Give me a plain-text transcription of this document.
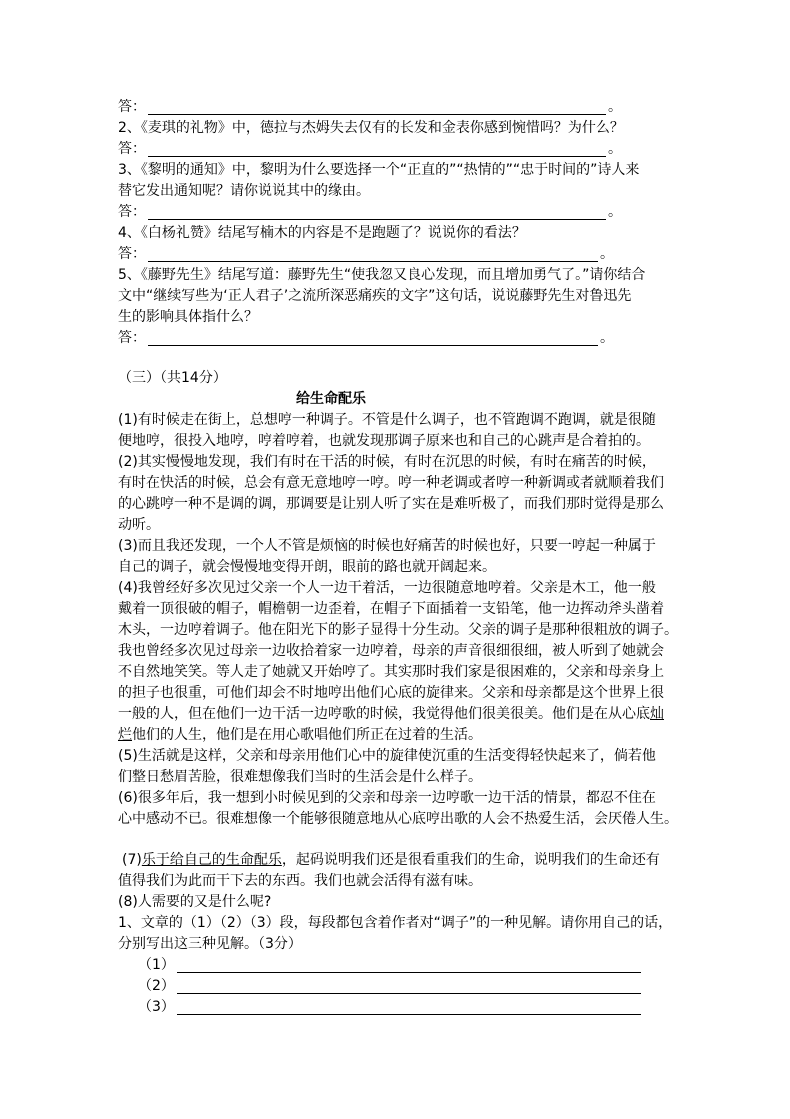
答：	。
2、《麦琪的礼物》中，德拉与杰姆失去仅有的长发和金表你感到惋惜吗？为什么？
答：	。
3、《黎明的通知》中，黎明为什么要选择一个“正直的”“热情的”“忠于时间的”诗人来
替它发出通知呢？请你说说其中的缘由。
答：	。
4、《白杨礼赞》结尾写楠木的内容是不是跑题了？说说你的看法？
答：	。
5、《藤野先生》结尾写道：藤野先生“使我忽又良心发现，而且增加勇气了。”请你结合
文中“继续写些为‘正人君子’之流所深恶痛疾的文字”这句话，说说藤野先生对鲁迅先
生的影响具体指什么？
答：	。
（三）（共14分）
给生命配乐
(1)有时候走在街上，总想哼一种调子。不管是什么调子，也不管跑调不跑调，就是很随
便地哼，很投入地哼，哼着哼着，也就发现那调子原来也和自己的心跳声是合着拍的。
(2)其实慢慢地发现，我们有时在干活的时候，有时在沉思的时候，有时在痛苦的时候，
有时在快活的时候，总会有意无意地哼一哼。哼一种老调或者哼一种新调或者就顺着我们
的心跳哼一种不是调的调，那调要是让别人听了实在是难听极了，而我们那时觉得是那么
动听。
(3)而且我还发现，一个人不管是烦恼的时候也好痛苦的时候也好，只要一哼起一种属于
自己的调子，就会慢慢地变得开朗，眼前的路也就开阔起来。
(4)我曾经好多次见过父亲一个人一边干着活，一边很随意地哼着。父亲是木工，他一般
戴着一顶很破的帽子，帽檐朝一边歪着，在帽子下面插着一支铅笔，他一边挥动斧头凿着
木头，一边哼着调子。他在阳光下的影子显得十分生动。父亲的调子是那种很粗放的调子。
我也曾经多次见过母亲一边收拾着家一边哼着，母亲的声音很细很细，被人听到了她就会
不自然地笑笑。等人走了她就又开始哼了。其实那时我们家是很困难的，父亲和母亲身上
的担子也很重，可他们却会不时地哼出他们心底的旋律来。父亲和母亲都是这个世界上很
一般的人，但在他们一边干活一边哼歌的时候，我觉得他们很美很美。他们是在从心底灿
烂他们的人生，他们是在用心歌唱他们所正在过着的生活。
(5)生活就是这样，父亲和母亲用他们心中的旋律使沉重的生活变得轻快起来了，倘若他
们整日愁眉苦脸，很难想像我们当时的生活会是什么样子。
(6)很多年后，我一想到小时候见到的父亲和母亲一边哼歌一边干活的情景，都忍不住在
心中感动不已。很难想像一个能够很随意地从心底哼出歌的人会不热爱生活，会厌倦人生。
(7)乐于给自己的生命配乐，起码说明我们还是很看重我们的生命，说明我们的生命还有
值得我们为此而干下去的东西。我们也就会活得有滋有味。
(8)人需要的又是什么呢?
1、文章的（1）（2）（3）段，每段都包含着作者对“调子”的一种见解。请你用自己的话，
分别写出这三种见解。（3分）
（1）
（2）
（3）
